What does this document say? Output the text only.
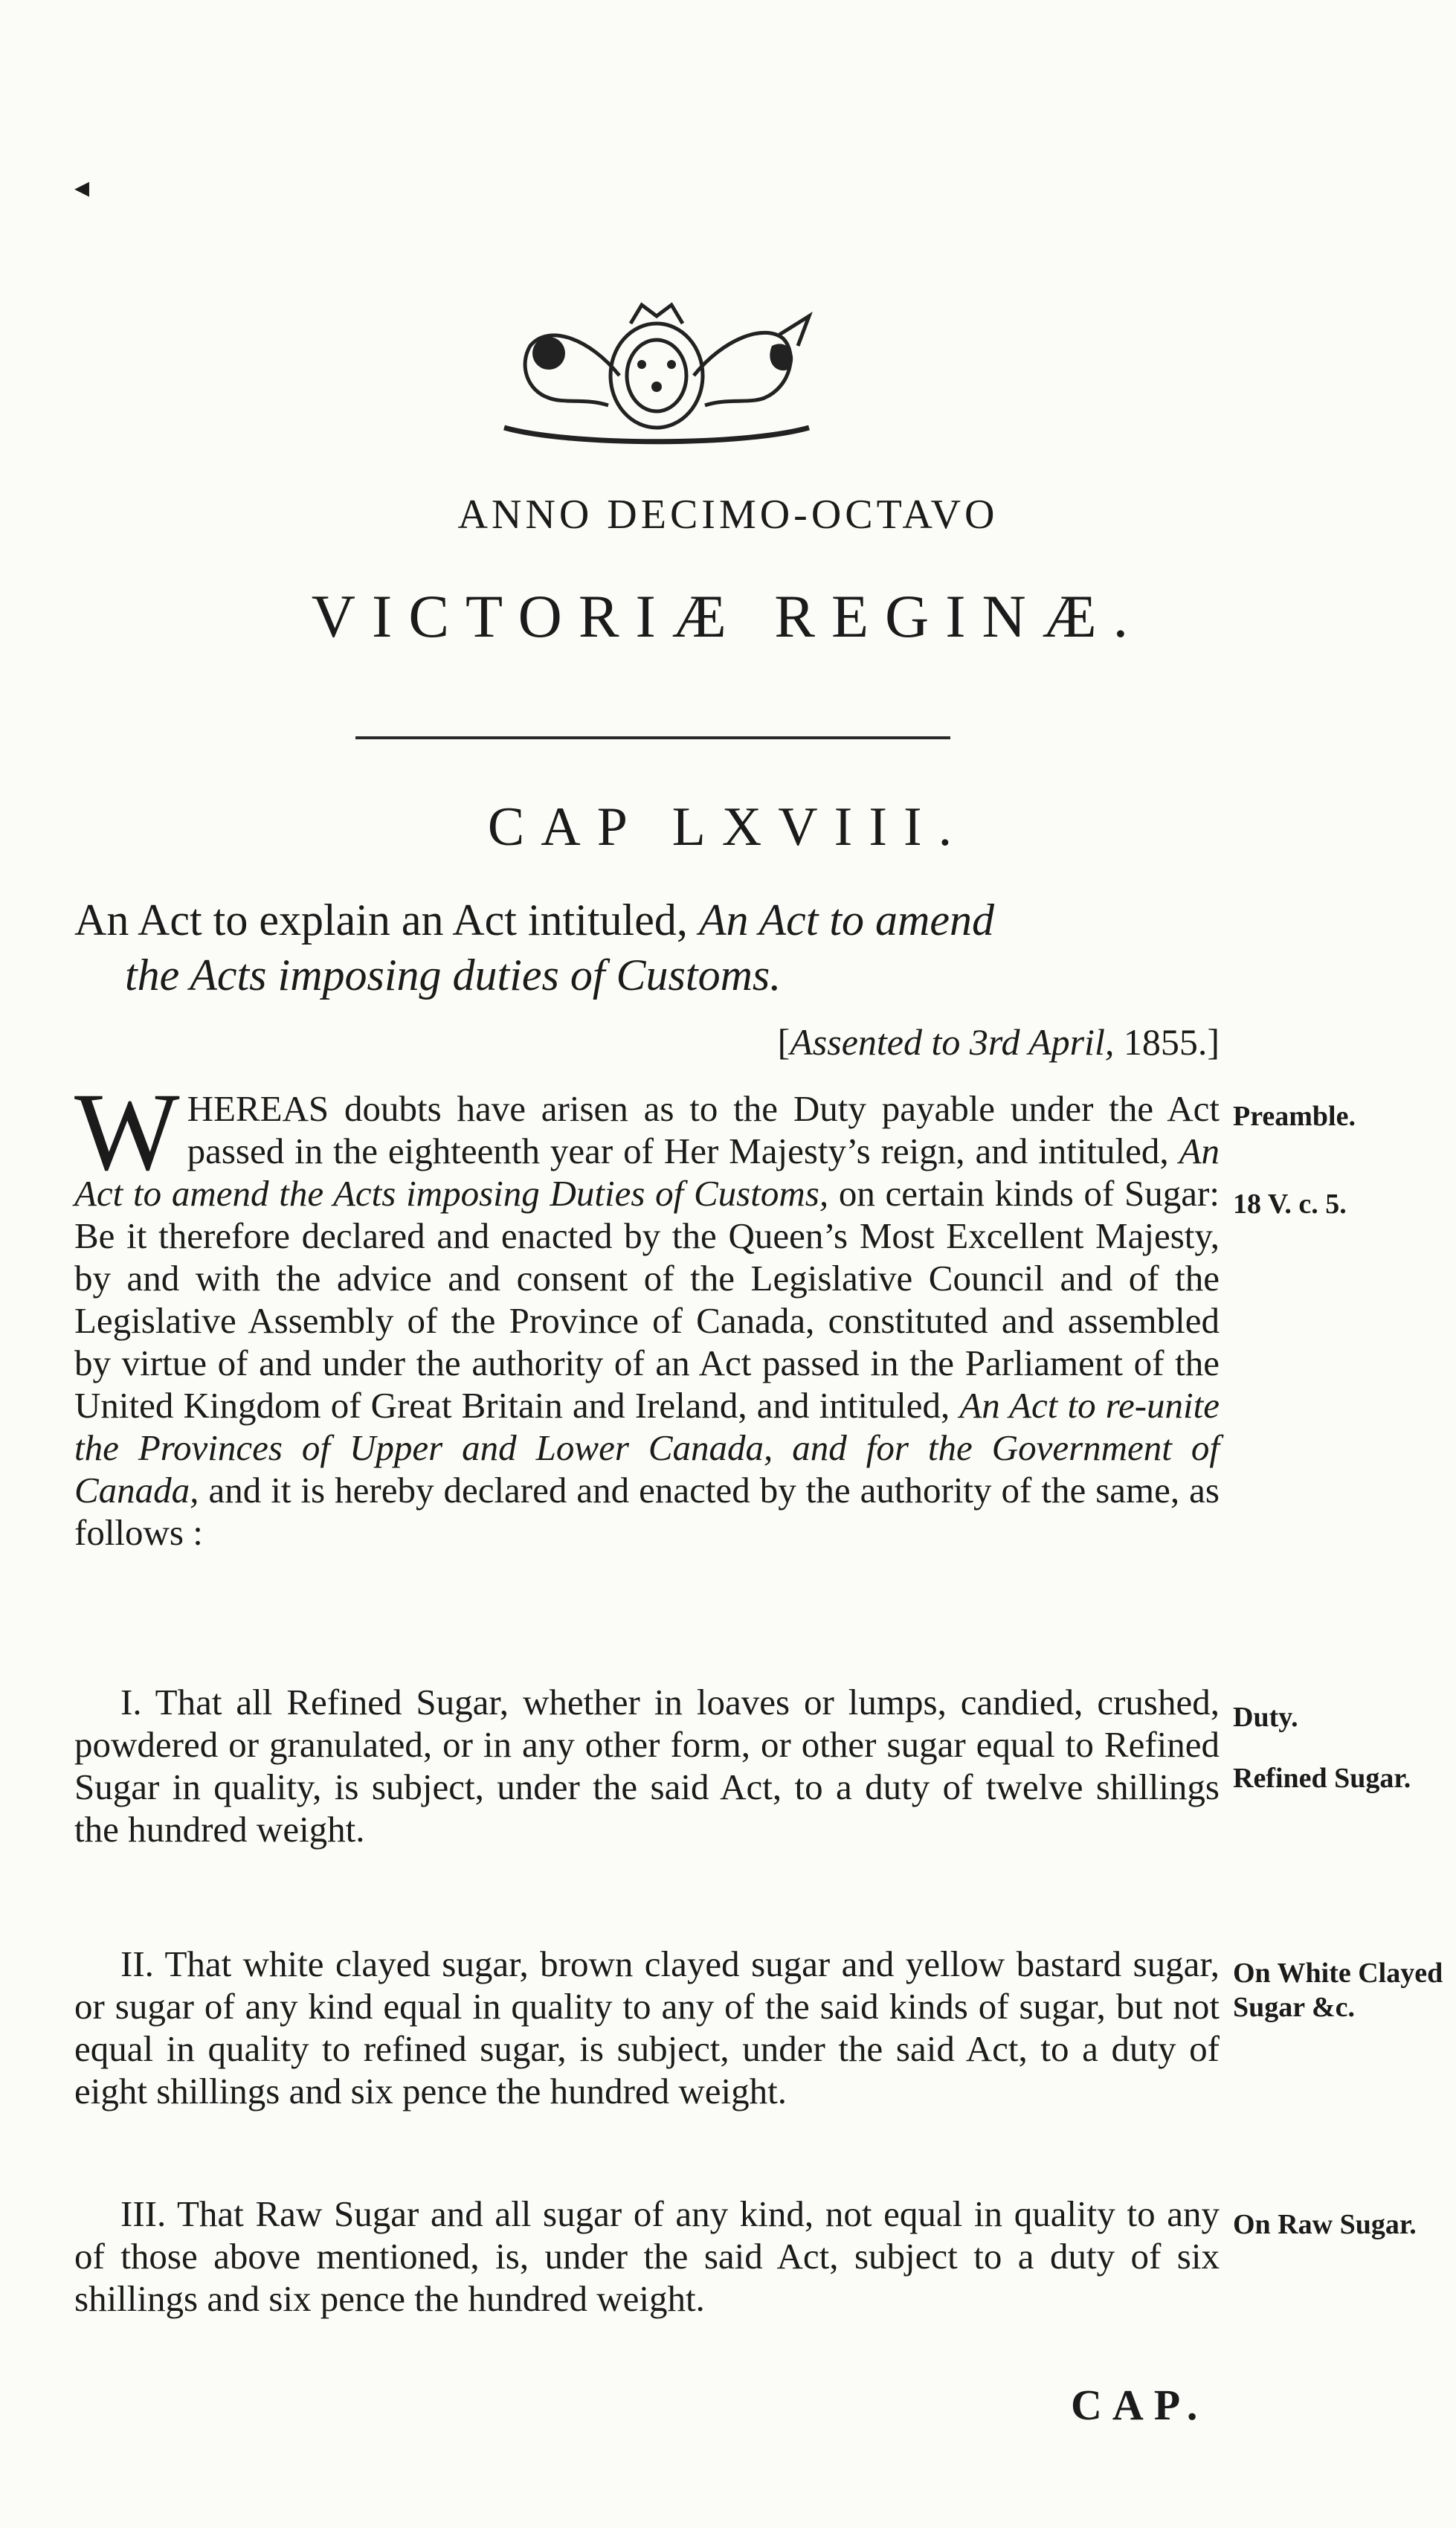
◂
ANNO DECIMO-OCTAVO
VICTORIÆ REGINÆ.
CAP LXVIII.
An Act to explain an Act intituled, An Act to amend
the Acts imposing duties of Customs.
[Assented to 3rd April, 1855.]
WHEREAS doubts have arisen as to the Duty payable under the Act passed in the eighteenth year of Her Majesty’s reign, and intituled, An Act to amend the Acts imposing Duties of Customs, on certain kinds of Sugar: Be it therefore declared and enacted by the Queen’s Most Excellent Majesty, by and with the advice and consent of the Legislative Council and of the Legislative Assembly of the Province of Canada, constituted and assembled by virtue of and under the authority of an Act passed in the Parliament of the United Kingdom of Great Britain and Ireland, and intituled, An Act to re-unite the Provinces of Upper and Lower Canada, and for the Government of Canada, and it is hereby declared and enacted by the authority of the same, as follows :
I. That all Refined Sugar, whether in loaves or lumps, candied, crushed, powdered or granulated, or in any other form, or other sugar equal to Refined Sugar in quality, is subject, under the said Act, to a duty of twelve shillings the hundred weight.
II. That white clayed sugar, brown clayed sugar and yellow bastard sugar, or sugar of any kind equal in quality to any of the said kinds of sugar, but not equal in quality to refined sugar, is subject, under the said Act, to a duty of eight shillings and six pence the hundred weight.
III. That Raw Sugar and all sugar of any kind, not equal in quality to any of those above mentioned, is, under the said Act, subject to a duty of six shillings and six pence the hundred weight.
Preamble.
18 V. c. 5.
Duty.
Refined Sugar.
On White Clayed Sugar &c.
On Raw Sugar.
CAP.
